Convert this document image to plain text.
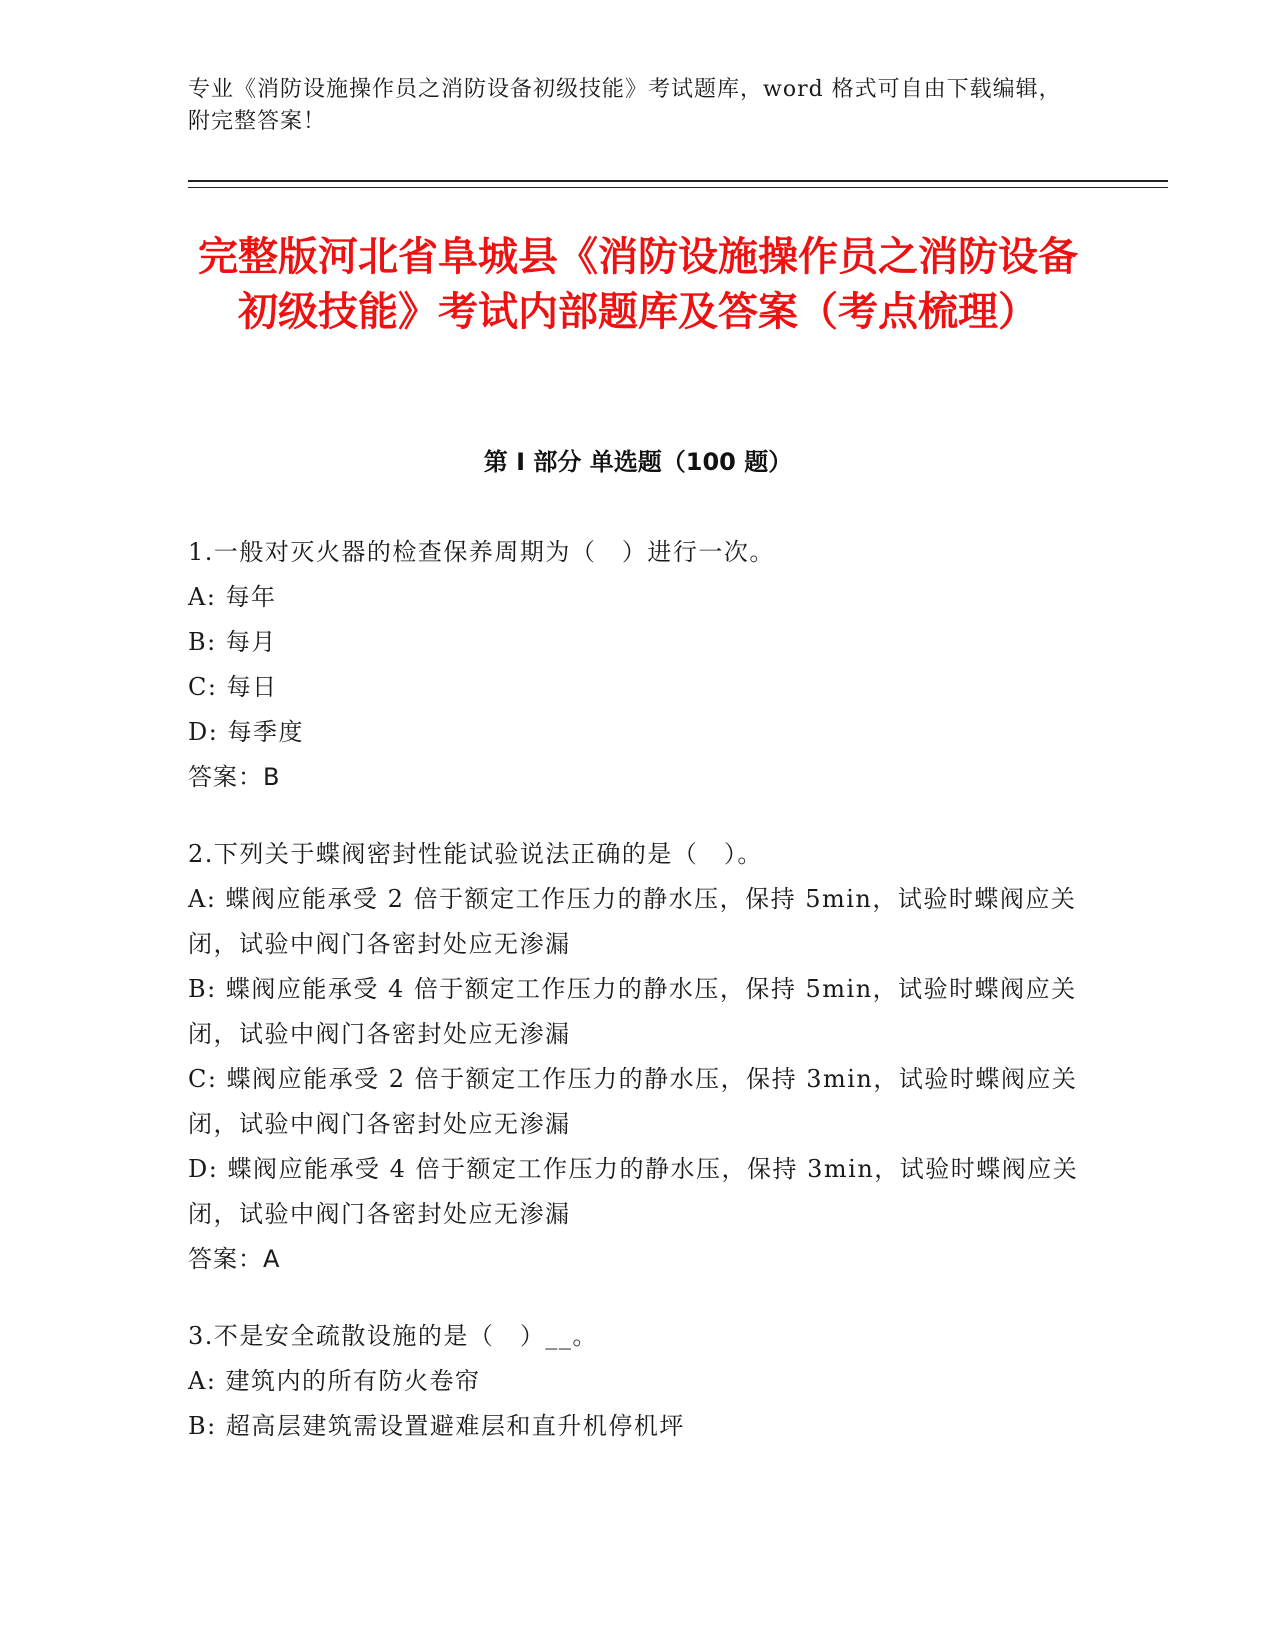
专业《消防设施操作员之消防设备初级技能》考试题库，word 格式可自由下载编辑，附完整答案！
完整版河北省阜城县《消防设施操作员之消防设备初级技能》考试内部题库及答案（考点梳理）
第 I 部分 单选题（100 题）
1.一般对灭火器的检查保养周期为（　）进行一次。
A: 每年
B: 每月
C: 每日
D: 每季度
答案：B
2.下列关于蝶阀密封性能试验说法正确的是（　）。
A: 蝶阀应能承受 2 倍于额定工作压力的静水压，保持 5min，试验时蝶阀应关闭，试验中阀门各密封处应无渗漏
B: 蝶阀应能承受 4 倍于额定工作压力的静水压，保持 5min，试验时蝶阀应关闭，试验中阀门各密封处应无渗漏
C: 蝶阀应能承受 2 倍于额定工作压力的静水压，保持 3min，试验时蝶阀应关闭，试验中阀门各密封处应无渗漏
D: 蝶阀应能承受 4 倍于额定工作压力的静水压，保持 3min，试验时蝶阀应关闭，试验中阀门各密封处应无渗漏
答案：A
3.不是安全疏散设施的是（　）__。
A: 建筑内的所有防火卷帘
B: 超高层建筑需设置避难层和直升机停机坪
